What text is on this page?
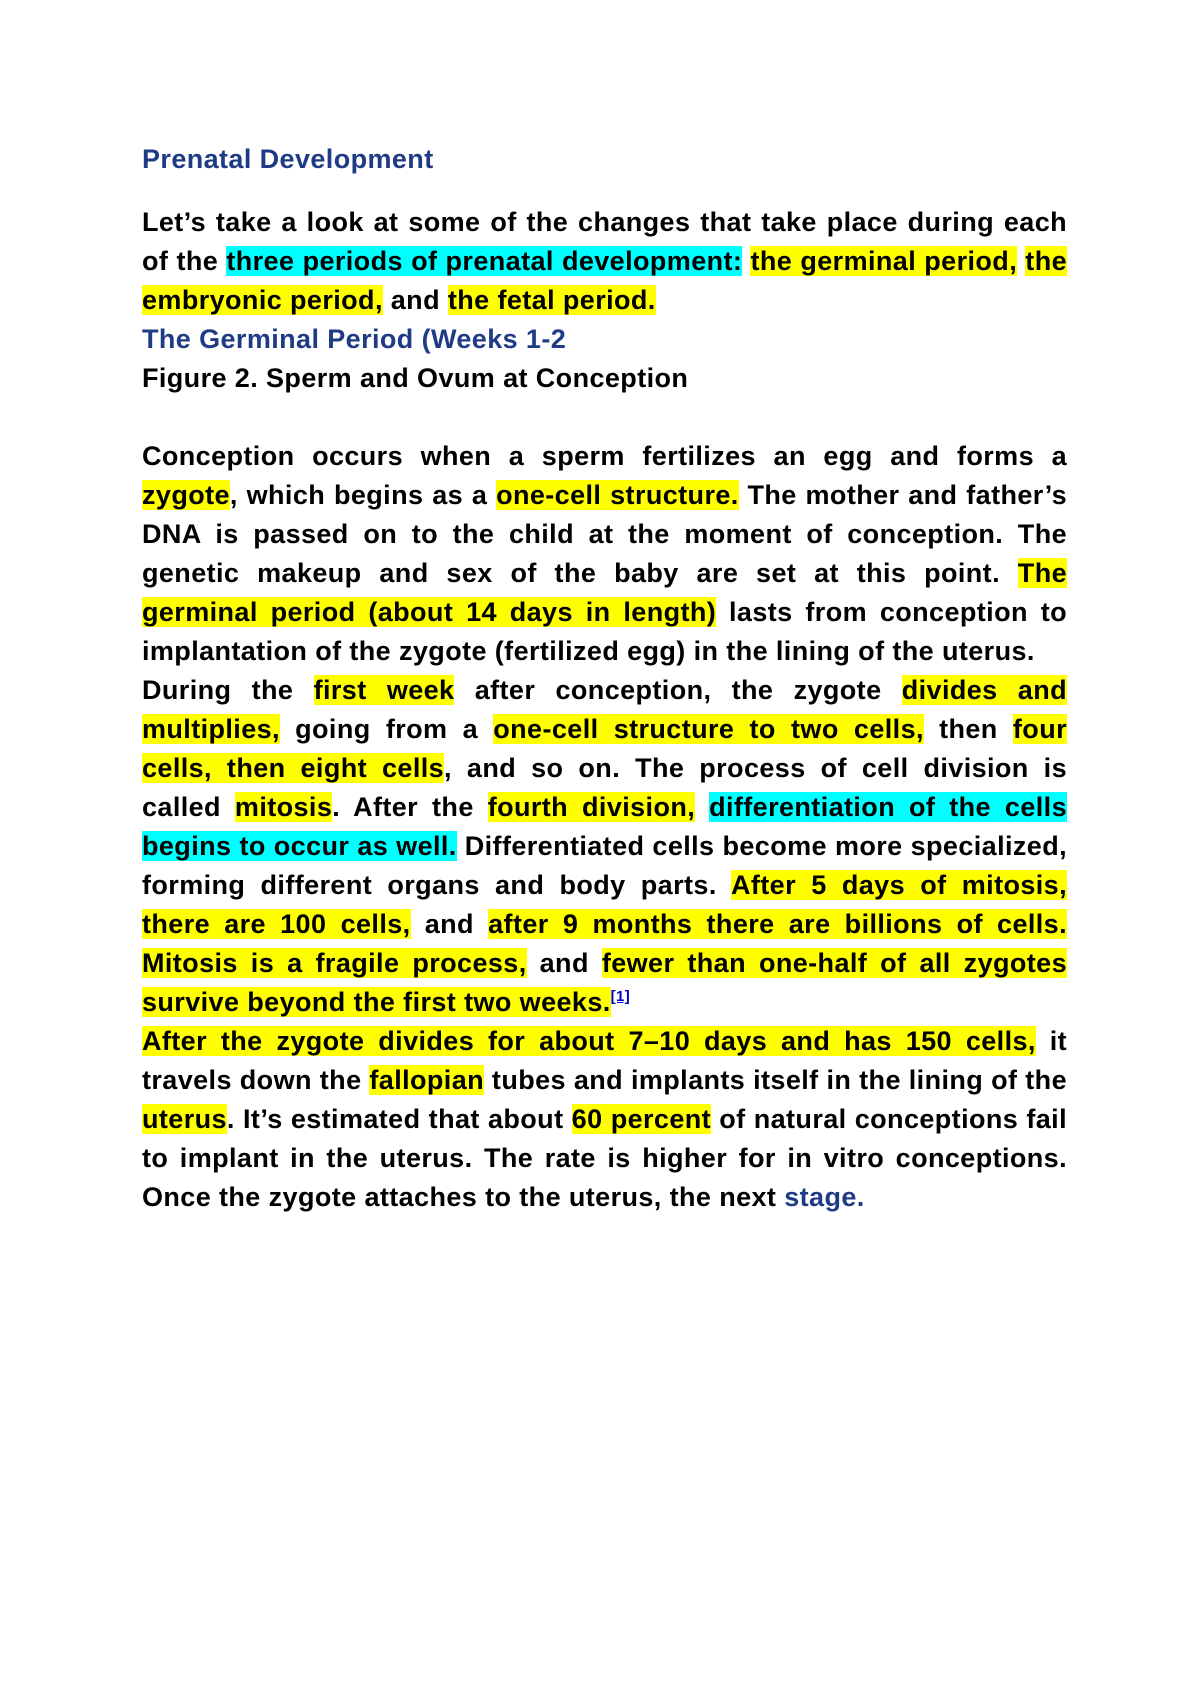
Prenatal Development

Let’s take a look at some of the changes that take place during each of the three periods of prenatal development: the germinal period, the embryonic period, and the fetal period.

The Germinal Period (Weeks 1-2
Figure 2. Sperm and Ovum at Conception

Conception occurs when a sperm fertilizes an egg and forms a zygote, which begins as a one-cell structure. The mother and father’s DNA is passed on to the child at the moment of conception. The genetic makeup and sex of the baby are set at this point. The germinal period (about 14 days in length) lasts from conception to implantation of the zygote (fertilized egg) in the lining of the uterus.

During the first week after conception, the zygote divides and multiplies, going from a one-cell structure to two cells, then four cells, then eight cells, and so on. The process of cell division is called mitosis. After the fourth division, differentiation of the cells begins to occur as well. Differentiated cells become more specialized, forming different organs and body parts. After 5 days of mitosis, there are 100 cells, and after 9 months there are billions of cells. Mitosis is a fragile process, and fewer than one-half of all zygotes survive beyond the first two weeks.[1]

After the zygote divides for about 7–10 days and has 150 cells, it travels down the fallopian tubes and implants itself in the lining of the uterus. It’s estimated that about 60 percent of natural conceptions fail to implant in the uterus. The rate is higher for in vitro conceptions. Once the zygote attaches to the uterus, the next stage.
